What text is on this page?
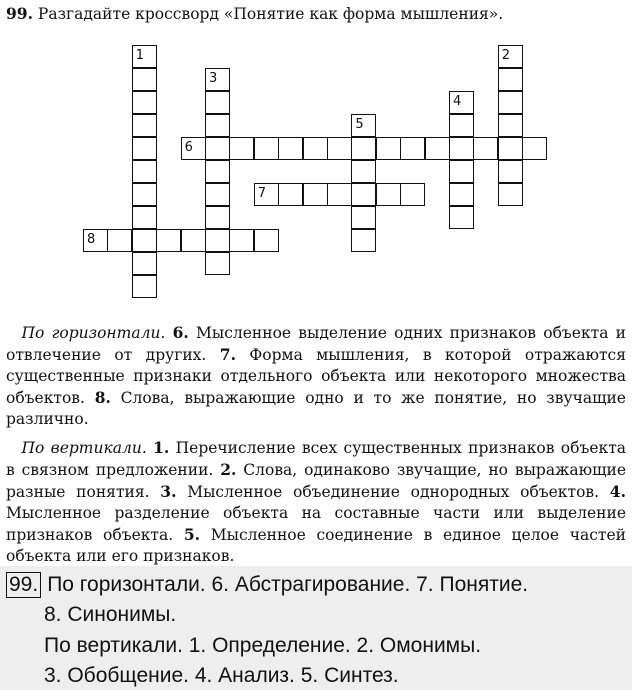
99. Разгадайте кроссворд «Понятие как форма мышления».
1	2
3
4
5
6
7
8
 По горизонтали. 6. Мысленное выделение одних признаков объекта и отвлечение от других. 7. Форма мышления, в которой отражаются существенные признаки отдельного объекта или некоторого множества объектов. 8. Слова, выражающие одно и то же понятие, но звучащие различно.
 По вертикали. 1. Перечисление всех существенных признаков объекта в связном предложении. 2. Слова, одинаково звучащие, но выражающие разные понятия. 3. Мысленное объединение однородных объектов. 4. Мысленное разделение объекта на составные части или выделение признаков объекта. 5. Мысленное соединение в единое целое частей объекта или его признаков.
99. По горизонтали. 6. Абстрагирование. 7. Понятие.
8. Синонимы.
По вертикали. 1. Определение. 2. Омонимы.
3. Обобщение. 4. Анализ. 5. Синтез.
